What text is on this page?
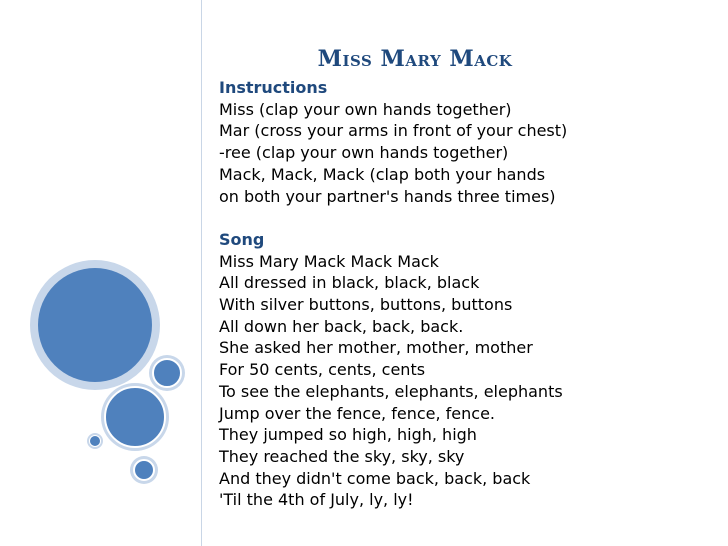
Miss Mary Mack
Instructions
Miss (clap your own hands together)
Mar (cross your arms in front of your chest)
-ree (clap your own hands together)
Mack, Mack, Mack (clap both your hands
on both your partner's hands three times)
Song
Miss Mary Mack Mack Mack
All dressed in black, black, black
With silver buttons, buttons, buttons
All down her back, back, back.
She asked her mother, mother, mother
For 50 cents, cents, cents
To see the elephants, elephants, elephants
Jump over the fence, fence, fence.
They jumped so high, high, high
They reached the sky, sky, sky
And they didn't come back, back, back
'Til the 4th of July, ly, ly!
